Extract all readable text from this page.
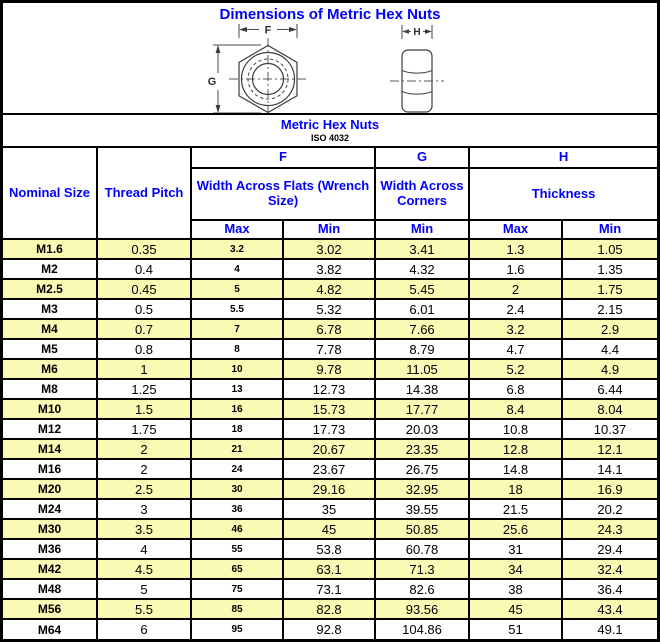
Dimensions of Metric Hex Nuts
F
G
H
Metric Hex Nuts
ISO 4032
Nominal Size	Thread Pitch	F		G	H	
		Width Across Flats (Wrench Size)		Width Across Corners	Thickness	
		Max	Min	Min	Max	Min
M1.6	0.35	3.2	3.02	3.41	1.3	1.05
M2	0.4	4	3.82	4.32	1.6	1.35
M2.5	0.45	5	4.82	5.45	2	1.75
M3	0.5	5.5	5.32	6.01	2.4	2.15
M4	0.7	7	6.78	7.66	3.2	2.9
M5	0.8	8	7.78	8.79	4.7	4.4
M6	1	10	9.78	11.05	5.2	4.9
M8	1.25	13	12.73	14.38	6.8	6.44
M10	1.5	16	15.73	17.77	8.4	8.04
M12	1.75	18	17.73	20.03	10.8	10.37
M14	2	21	20.67	23.35	12.8	12.1
M16	2	24	23.67	26.75	14.8	14.1
M20	2.5	30	29.16	32.95	18	16.9
M24	3	36	35	39.55	21.5	20.2
M30	3.5	46	45	50.85	25.6	24.3
M36	4	55	53.8	60.78	31	29.4
M42	4.5	65	63.1	71.3	34	32.4
M48	5	75	73.1	82.6	38	36.4
M56	5.5	85	82.8	93.56	45	43.4
M64	6	95	92.8	104.86	51	49.1
